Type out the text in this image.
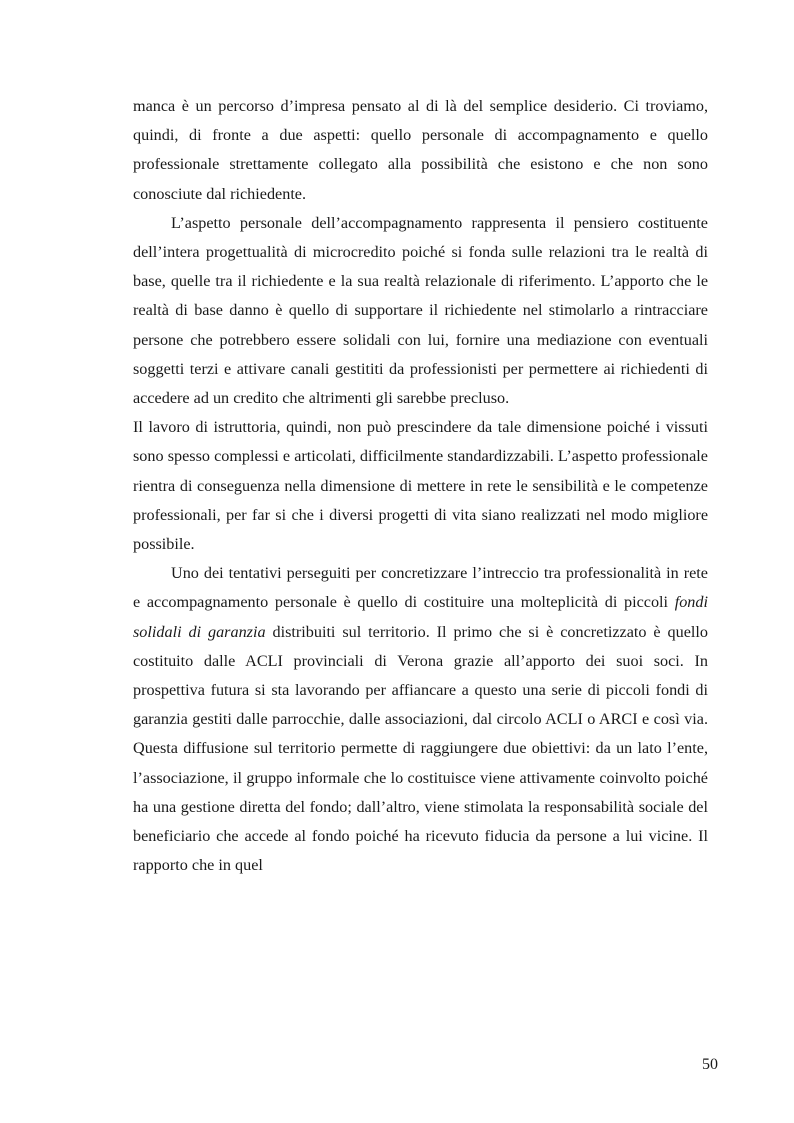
manca è un percorso d’impresa pensato al di là del semplice desiderio. Ci troviamo, quindi, di fronte a due aspetti: quello personale di accompagnamento e quello professionale strettamente collegato alla possibilità che esistono e che non sono conosciute dal richiedente.

L’aspetto personale dell’accompagnamento rappresenta il pensiero costituente dell’intera progettualità di microcredito poiché si fonda sulle relazioni tra le realtà di base, quelle tra il richiedente e la sua realtà relazionale di riferimento. L’apporto che le realtà di base danno è quello di supportare il richiedente nel stimolarlo a rintracciare persone che potrebbero essere solidali con lui, fornire una mediazione con eventuali soggetti terzi e attivare canali gestititi da professionisti per permettere ai richiedenti di accedere ad un credito che altrimenti gli sarebbe precluso.

Il lavoro di istruttoria, quindi, non può prescindere da tale dimensione poiché i vissuti sono spesso complessi e articolati, difficilmente standardizzabili. L’aspetto professionale rientra di conseguenza nella dimensione di mettere in rete le sensibilità e le competenze professionali, per far si che i diversi progetti di vita siano realizzati nel modo migliore possibile.

Uno dei tentativi perseguiti per concretizzare l’intreccio tra professionalità in rete e accompagnamento personale è quello di costituire una molteplicità di piccoli fondi solidali di garanzia distribuiti sul territorio. Il primo che si è concretizzato è quello costituito dalle ACLI provinciali di Verona grazie all’apporto dei suoi soci. In prospettiva futura si sta lavorando per affiancare a questo una serie di piccoli fondi di garanzia gestiti dalle parrocchie, dalle associazioni, dal circolo ACLI o ARCI e così via. Questa diffusione sul territorio permette di raggiungere due obiettivi: da un lato l’ente, l’associazione, il gruppo informale che lo costituisce viene attivamente coinvolto poiché ha una gestione diretta del fondo; dall’altro, viene stimolata la responsabilità sociale del beneficiario che accede al fondo poiché ha ricevuto fiducia da persone a lui vicine. Il rapporto che in quel

50
